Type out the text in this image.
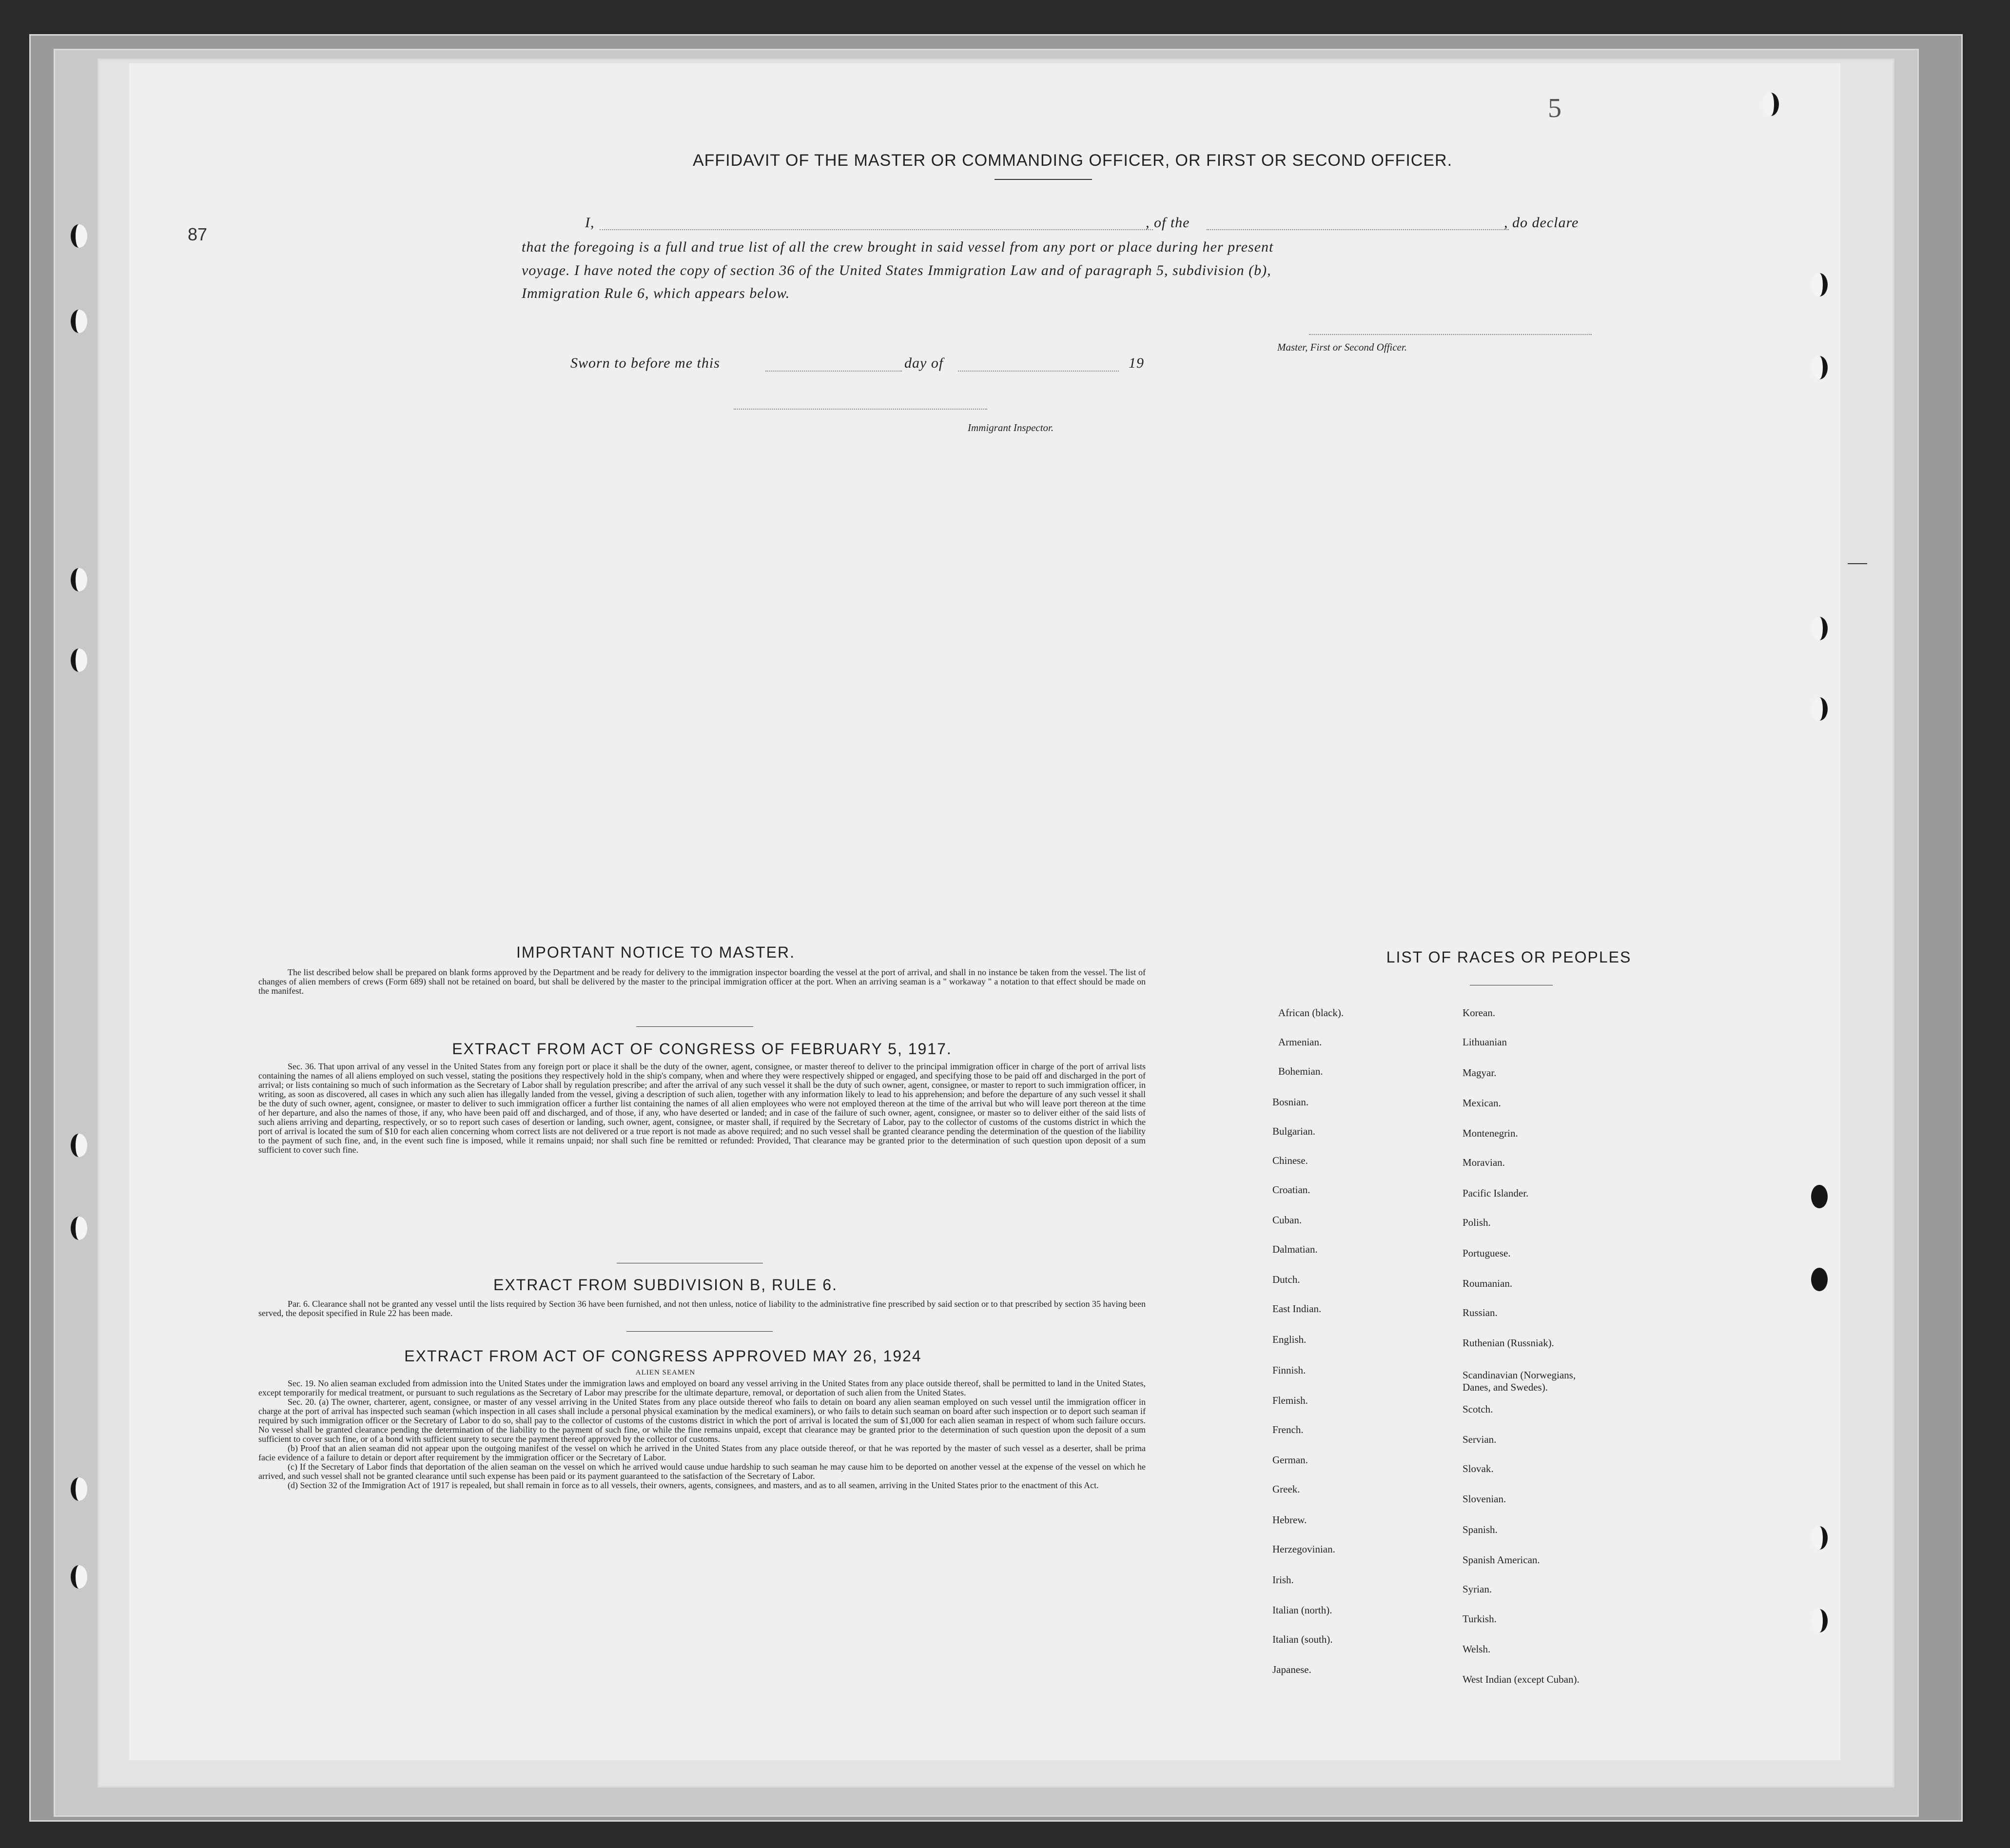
5
87
AFFIDAVIT OF THE MASTER OR COMMANDING OFFICER, OR FIRST OR SECOND OFFICER.
I,	, of the	, do declare
that the foregoing is a full and true list of all the crew brought in said vessel from any port or place during her present
voyage. I have noted the copy of section 36 of the United States Immigration Law and of paragraph 5, subdivision (b),
Immigration Rule 6, which appears below.
Master, First or Second Officer.
Sworn to before me this	day of	19
Immigrant Inspector.
IMPORTANT NOTICE TO MASTER.

The list described below shall be prepared on blank forms approved by the Department and be ready for delivery to the immigration inspector boarding the vessel at the port of arrival, and shall in no instance be taken from the vessel. The list of changes of alien members of crews (Form 689) shall not be retained on board, but shall be delivered by the master to the principal immigration officer at the port. When an arriving seaman is a " workaway " a notation to that effect should be made on the manifest.

EXTRACT FROM ACT OF CONGRESS OF FEBRUARY 5, 1917.

Sec. 36. That upon arrival of any vessel in the United States from any foreign port or place it shall be the duty of the owner, agent, consignee, or master thereof to deliver to the principal immigration officer in charge of the port of arrival lists containing the names of all aliens employed on such vessel, stating the positions they respectively hold in the ship's company, when and where they were respectively shipped or engaged, and specifying those to be paid off and discharged in the port of arrival; or lists containing so much of such information as the Secretary of Labor shall by regulation prescribe; and after the arrival of any such vessel it shall be the duty of such owner, agent, consignee, or master to report to such immigration officer, in writing, as soon as discovered, all cases in which any such alien has illegally landed from the vessel, giving a description of such alien, together with any information likely to lead to his apprehension; and before the departure of any such vessel it shall be the duty of such owner, agent, consignee, or master to deliver to such immigration officer a further list containing the names of all alien employees who were not employed thereon at the time of the arrival but who will leave port thereon at the time of her departure, and also the names of those, if any, who have been paid off and discharged, and of those, if any, who have deserted or landed; and in case of the failure of such owner, agent, consignee, or master so to deliver either of the said lists of such aliens arriving and departing, respectively, or so to report such cases of desertion or landing, such owner, agent, consignee, or master shall, if required by the Secretary of Labor, pay to the collector of customs of the customs district in which the port of arrival is located the sum of $10 for each alien concerning whom correct lists are not delivered or a true report is not made as above required; and no such vessel shall be granted clearance pending the determination of the question of the liability to the payment of such fine, and, in the event such fine is imposed, while it remains unpaid; nor shall such fine be remitted or refunded: Provided, That clearance may be granted prior to the determination of such question upon deposit of a sum sufficient to cover such fine.

EXTRACT FROM SUBDIVISION B, RULE 6.

Par. 6. Clearance shall not be granted any vessel until the lists required by Section 36 have been furnished, and not then unless, notice of liability to the administrative fine prescribed by said section or to that prescribed by section 35 having been served, the deposit specified in Rule 22 has been made.

EXTRACT FROM ACT OF CONGRESS APPROVED MAY 26, 1924
ALIEN SEAMEN

Sec. 19. No alien seaman excluded from admission into the United States under the immigration laws and employed on board any vessel arriving in the United States from any place outside thereof, shall be permitted to land in the United States, except temporarily for medical treatment, or pursuant to such regulations as the Secretary of Labor may prescribe for the ultimate departure, removal, or deportation of such alien from the United States.

Sec. 20. (a) The owner, charterer, agent, consignee, or master of any vessel arriving in the United States from any place outside thereof who fails to detain on board any alien seaman employed on such vessel until the immigration officer in charge at the port of arrival has inspected such seaman (which inspection in all cases shall include a personal physical examination by the medical examiners), or who fails to detain such seaman on board after such inspection or to deport such seaman if required by such immigration officer or the Secretary of Labor to do so, shall pay to the collector of customs of the customs district in which the port of arrival is located the sum of $1,000 for each alien seaman in respect of whom such failure occurs. No vessel shall be granted clearance pending the determination of the liability to the payment of such fine, or while the fine remains unpaid, except that clearance may be granted prior to the determination of such question upon the deposit of a sum sufficient to cover such fine, or of a bond with sufficient surety to secure the payment thereof approved by the collector of customs.

(b) Proof that an alien seaman did not appear upon the outgoing manifest of the vessel on which he arrived in the United States from any place outside thereof, or that he was reported by the master of such vessel as a deserter, shall be prima facie evidence of a failure to detain or deport after requirement by the immigration officer or the Secretary of Labor.

(c) If the Secretary of Labor finds that deportation of the alien seaman on the vessel on which he arrived would cause undue hardship to such seaman he may cause him to be deported on another vessel at the expense of the vessel on which he arrived, and such vessel shall not be granted clearance until such expense has been paid or its payment guaranteed to the satisfaction of the Secretary of Labor.

(d) Section 32 of the Immigration Act of 1917 is repealed, but shall remain in force as to all vessels, their owners, agents, consignees, and masters, and as to all seamen, arriving in the United States prior to the enactment of this Act.

LIST OF RACES OR PEOPLES
African (black).
Armenian.
Bohemian.
Bosnian.
Bulgarian.
Chinese.
Croatian.
Cuban.
Dalmatian.
Dutch.
East Indian.
English.
Finnish.
Flemish.
French.
German.
Greek.
Hebrew.
Herzegovinian.
Irish.
Italian (north).
Italian (south).
Japanese.
Korean.
Lithuanian
Magyar.
Mexican.
Montenegrin.
Moravian.
Pacific Islander.
Polish.
Portuguese.
Roumanian.
Russian.
Ruthenian (Russniak).
Scandinavian (Norwegians,
Danes, and Swedes).
Scotch.
Servian.
Slovak.
Slovenian.
Spanish.
Spanish American.
Syrian.
Turkish.
Welsh.
West Indian (except Cuban).
